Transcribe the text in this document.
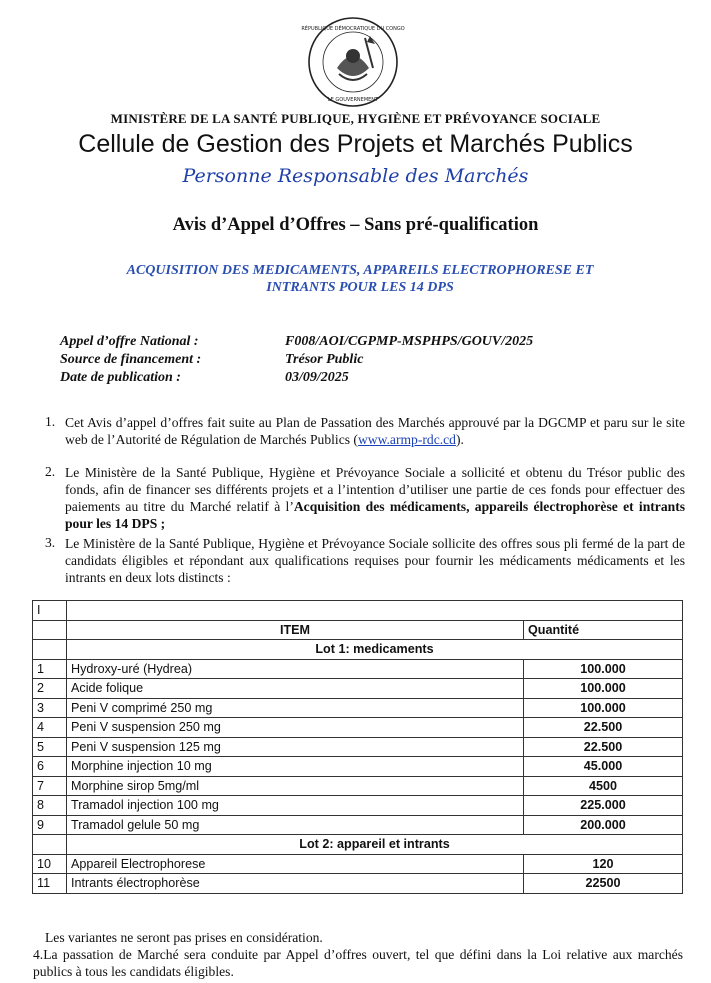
RÉPUBLIQUE DÉMOCRATIQUE DU CONGO
LE GOUVERNEMENT
MINISTÈRE DE LA SANTÉ PUBLIQUE, HYGIÈNE ET PRÉVOYANCE SOCIALE
Cellule de Gestion des Projets et Marchés Publics
Personne Responsable des Marchés
Avis d’Appel d’Offres – Sans pré-qualification
ACQUISITION DES MEDICAMENTS, APPAREILS ELECTROPHORESE ET
INTRANTS POUR LES 14 DPS
Appel d’offre National :	F008/AOI/CGPMP-MSPHPS/GOUV/2025
Source de financement :	Trésor Public
Date de publication :	03/09/2025
1. Cet Avis d’appel d’offres fait suite au Plan de Passation des Marchés approuvé par la DGCMP et paru sur le site web de l’Autorité de Régulation de Marchés Publics (www.armp-rdc.cd).
2. Le Ministère de la Santé Publique, Hygiène et Prévoyance Sociale a sollicité et obtenu du Trésor public des fonds, afin de financer ses différents projets et a l’intention d’utiliser une partie de ces fonds pour effectuer des paiements au titre du Marché relatif à l’Acquisition des médicaments, appareils électrophorèse et intrants pour les 14 DPS ;
3. Le Ministère de la Santé Publique, Hygiène et Prévoyance Sociale sollicite des offres sous pli fermé de la part de candidats éligibles et répondant aux qualifications requises pour fournir les médicaments médicaments et les intrants en deux lots distincts :
I		
	ITEM	Quantité
	Lot 1: medicaments	
1	Hydroxy-uré (Hydrea)	100.000
2	Acide folique	100.000
3	Peni V comprimé 250 mg	100.000
4	Peni V suspension 250 mg	22.500
5	Peni V suspension 125 mg	22.500
6	Morphine injection 10 mg	45.000
7	Morphine sirop 5mg/ml	4500
8	Tramadol injection 100 mg	225.000
9	Tramadol gelule 50 mg	200.000
	Lot 2: appareil et intrants	
10	Appareil Electrophorese	120
11	Intrants électrophorèse	22500
Les variantes ne seront pas prises en considération.
4.La passation de Marché sera conduite par Appel d’offres ouvert, tel que défini dans la Loi relative aux marchés publics à tous les candidats éligibles.
